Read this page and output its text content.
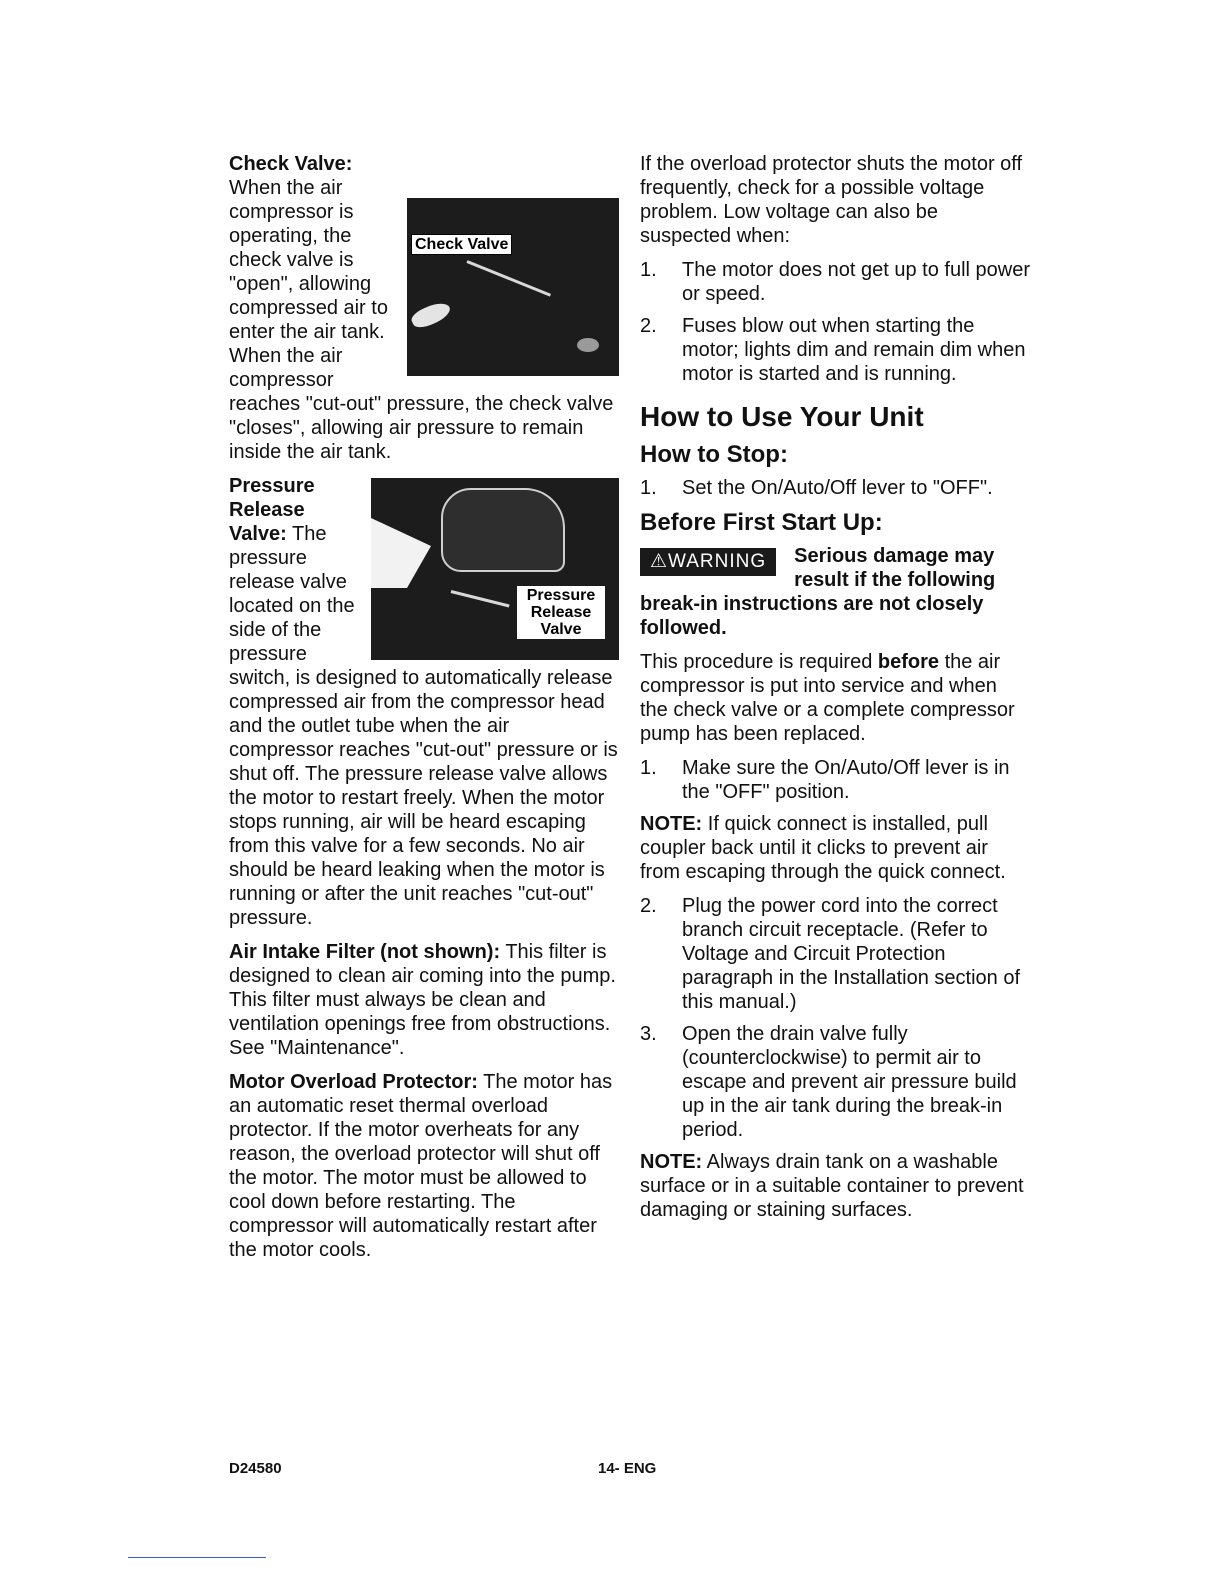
Check Valve

Check Valve: When the air compressor is operating, the check valve is "open", allowing compressed air to enter the air tank. When the air compressor reaches "cut-out" pressure, the check valve "closes", allowing air pressure to remain inside the air tank.

Pressure
Release
Valve

Pressure Release Valve: The pressure release valve located on the side of the pressure switch, is designed to automatically release compressed air from the compressor head and the outlet tube when the air compressor reaches "cut-out" pressure or is shut off. The pressure release valve allows the motor to restart freely. When the motor stops running, air will be heard escaping from this valve for a few seconds. No air should be heard leaking when the motor is running or after the unit reaches "cut-out" pressure.

Air Intake Filter (not shown): This filter is designed to clean air coming into the pump. This filter must always be clean and ventilation openings free from obstructions. See "Maintenance".

Motor Overload Protector: The motor has an automatic reset thermal overload protector. If the motor overheats for any reason, the overload protector will shut off the motor. The motor must be allowed to cool down before restarting. The compressor will automatically restart after the motor cools.

If the overload protector shuts the motor off frequently, check for a possible voltage problem. Low voltage can also be suspected when:

1.	The motor does not get up to full power or speed.
2.	Fuses blow out when starting the motor; lights dim and remain dim when motor is started and is running.
How to Use Your Unit
How to Stop:
1.	Set the On/Auto/Off lever to "OFF".
Before First Start Up:

⚠WARNING	Serious damage may result if the following break-in instructions are not closely followed.

This procedure is required before the air compressor is put into service and when the check valve or a complete compressor pump has been replaced.

1.	Make sure the On/Auto/Off lever is in the "OFF" position.

NOTE: If quick connect is installed, pull coupler back until it clicks to prevent air from escaping through the quick connect.

2.	Plug the power cord into the correct branch circuit receptacle. (Refer to Voltage and Circuit Protection paragraph in the Installation section of this manual.)
3.	Open the drain valve fully (counterclockwise) to permit air to escape and prevent air pressure build up in the air tank during the break-in period.

NOTE: Always drain tank on a washable surface or in a suitable container to prevent damaging or staining surfaces.

D24580	14- ENG
